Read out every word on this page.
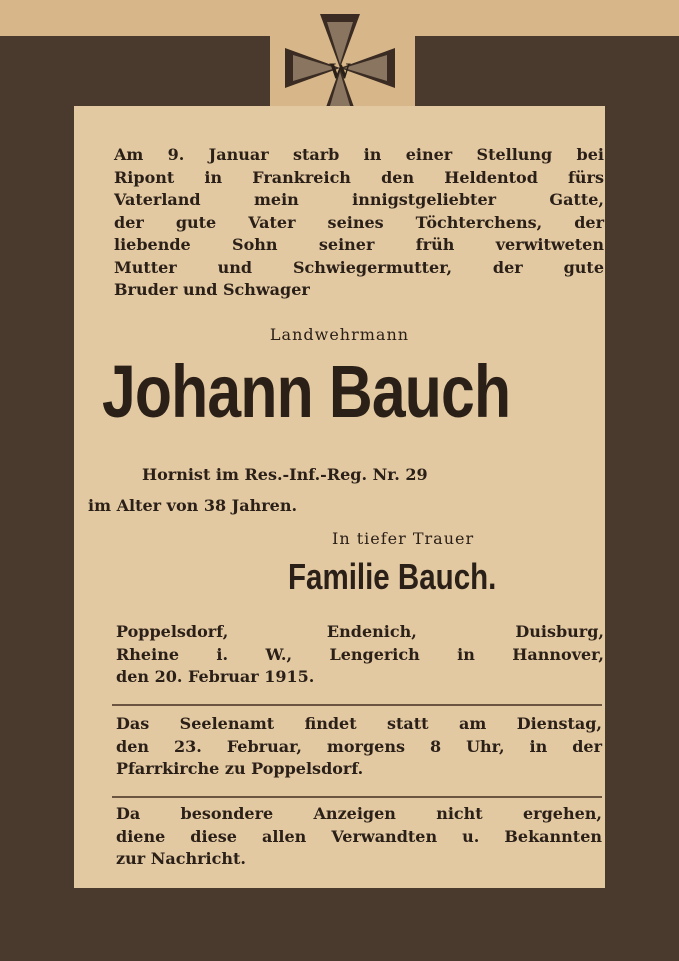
W
Am 9. Januar starb in einer Stellung bei
Ripont in Frankreich den Heldentod fürs
Vaterland mein innigstgeliebter Gatte,
der gute Vater seines Töchterchens, der
liebende Sohn seiner früh verwitweten
Mutter und Schwiegermutter, der gute
Bruder und Schwager
Landwehrmann
Johann Bauch
Hornist im Res.-Inf.-Reg. Nr. 29
im Alter von 38 Jahren.
In tiefer Trauer
Familie Bauch.
Poppelsdorf, Endenich, Duisburg,
Rheine i. W., Lengerich in Hannover,
den 20. Februar 1915.
Das Seelenamt findet statt am Dienstag,
den 23. Februar, morgens 8 Uhr, in der
Pfarrkirche zu Poppelsdorf.
Da besondere Anzeigen nicht ergehen,
diene diese allen Verwandten u. Bekannten
zur Nachricht.
